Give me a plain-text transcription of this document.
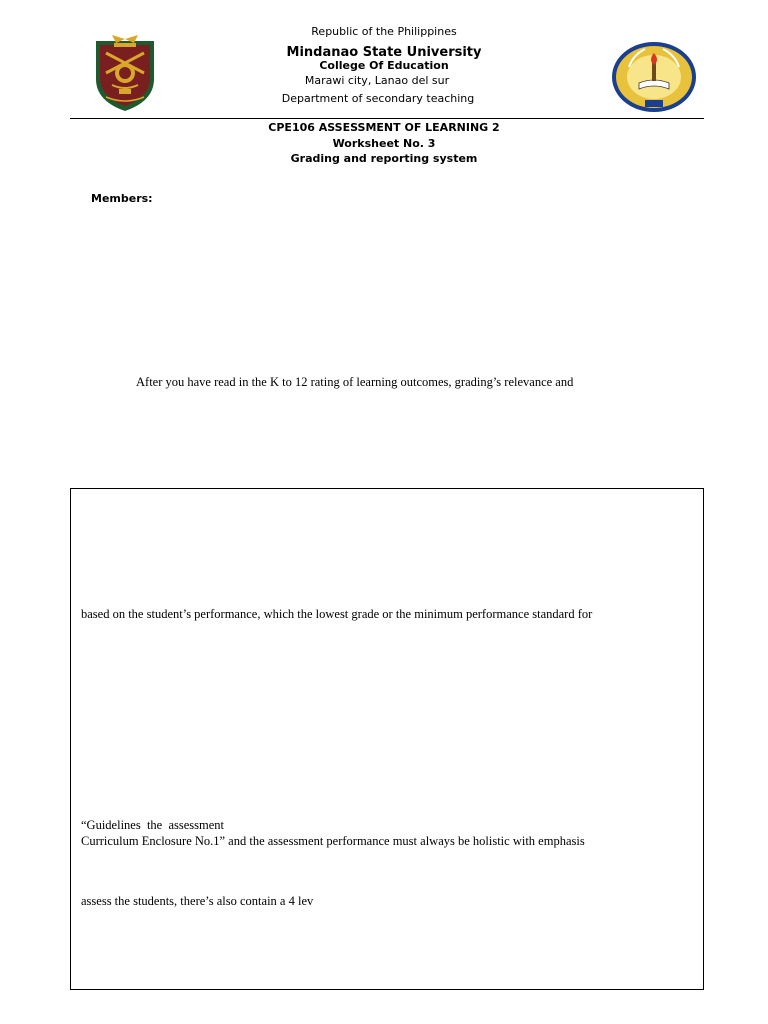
Republic of the Philippines
Mindanao State University
College Of Education
Marawi city, Lanao del sur
Department of secondary teaching
CPE106 ASSESSMENT OF LEARNING 2
Worksheet No. 3
Grading and reporting system
Members:
After you have read in the K to 12 rating of learning outcomes, grading’s relevance and
based on the student’s performance, which the lowest grade or the minimum performance standard for
“Guidelines  the  assessment
Curriculum Enclosure No.1” and the assessment performance must always be holistic with emphasis
assess the students, there’s also contain a 4 lev
